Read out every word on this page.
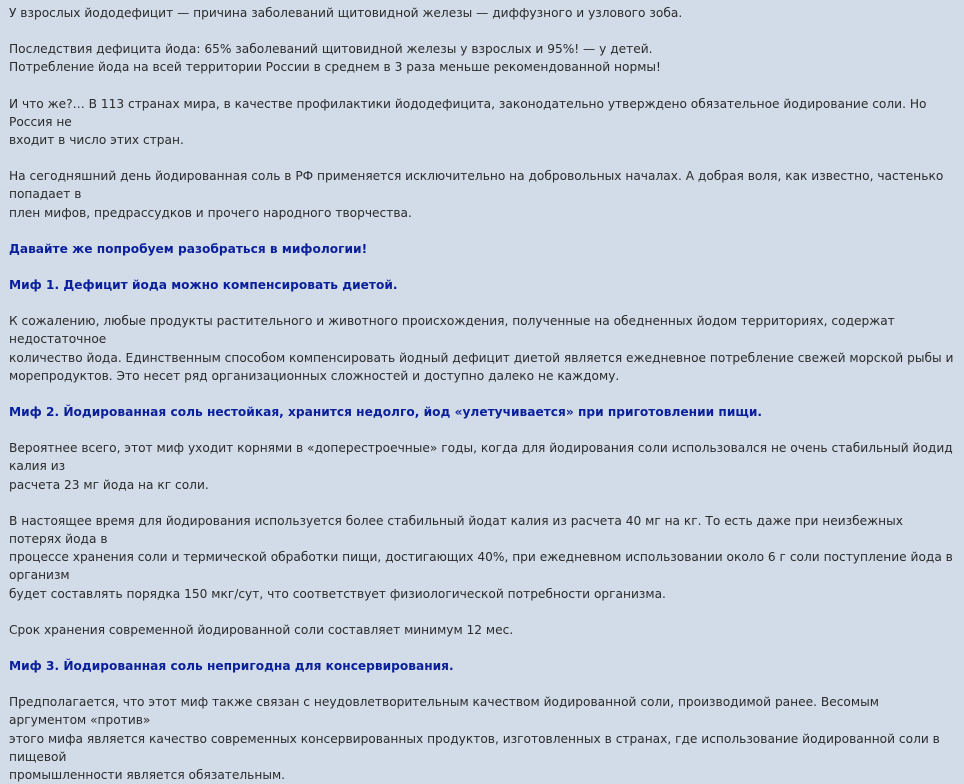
У взрослых йододефицит — причина заболеваний щитовидной железы — диффузного и узлового зоба.

Последствия дефицита йода: 65% заболеваний щитовидной железы у взрослых и 95%! — у детей.
Потребление йода на всей территории России в среднем в 3 раза меньше рекомендованной нормы!

И что же?… В 113 странах мира, в качестве профилактики йододефицита, законодательно утверждено обязательное йодирование соли. Но Россия не
входит в число этих стран.

На сегодняшний день йодированная соль в РФ применяется исключительно на добровольных началах. А добрая воля, как известно, частенько попадает в
плен мифов, предрассудков и прочего народного творчества.

Давайте же попробуем разобраться в мифологии!

Миф 1. Дефицит йода можно компенсировать диетой.

К сожалению, любые продукты растительного и животного происхождения, полученные на обедненных йодом территориях, содержат недостаточное
количество йода. Единственным способом компенсировать йодный дефицит диетой является ежедневное потребление свежей морской рыбы и
морепродуктов. Это несет ряд организационных сложностей и доступно далеко не каждому.

Миф 2. Йодированная соль нестойкая, хранится недолго, йод «улетучивается» при приготовлении пищи.

Вероятнее всего, этот миф уходит корнями в «доперестроечные» годы, когда для йодирования соли использовался не очень стабильный йодид калия из
расчета 23 мг йода на кг соли.

В настоящее время для йодирования используется более стабильный йодат калия из расчета 40 мг на кг. То есть даже при неизбежных потерях йода в
процессе хранения соли и термической обработки пищи, достигающих 40%, при ежедневном использовании около 6 г соли поступление йода в организм
будет составлять порядка 150 мкг/сут, что соответствует физиологической потребности организма.

Срок хранения современной йодированной соли составляет минимум 12 мес.

Миф 3. Йодированная соль непригодна для консервирования.

Предполагается, что этот миф также связан с неудовлетворительным качеством йодированной соли, производимой ранее. Весомым аргументом «против»
этого мифа является качество современных консервированных продуктов, изготовленных в странах, где использование йодированной соли в пищевой
промышленности является обязательным.
